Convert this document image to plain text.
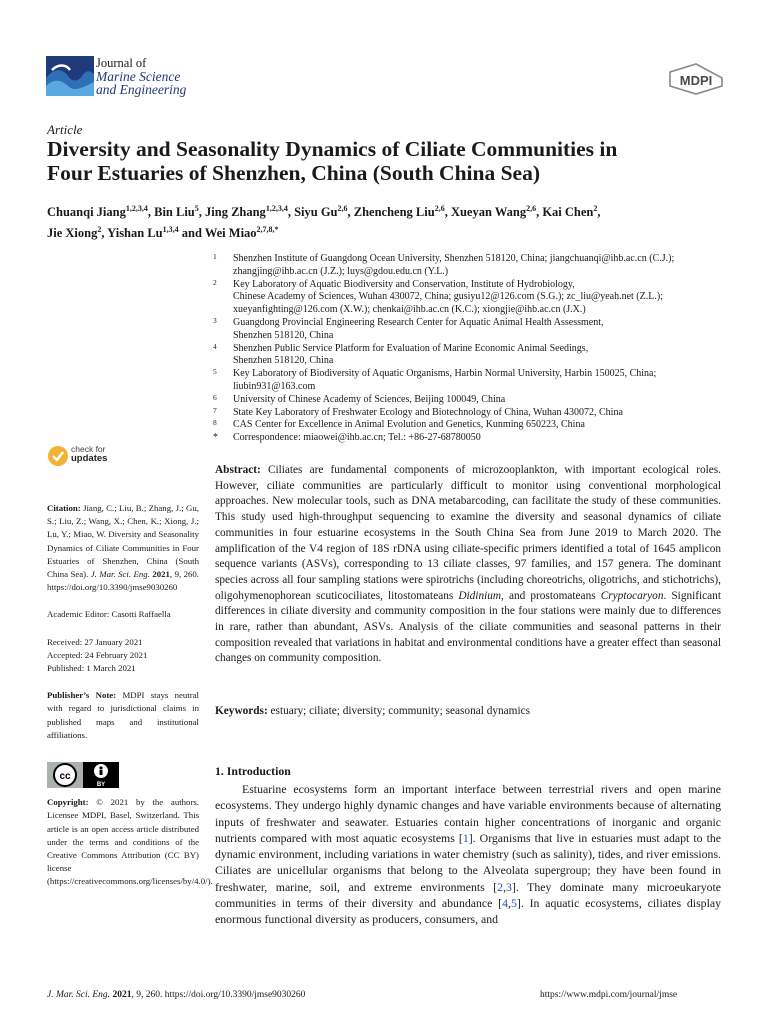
Journal of
Marine Science
and Engineering
MDPI
Article
Diversity and Seasonality Dynamics of Ciliate Communities in
Four Estuaries of Shenzhen, China (South China Sea)
Chuanqi Jiang$^{1,2,3,4}$, Bin Liu$^5$, Jing Zhang$^{1,2,3,4}$, Siyu Gu$^{2,6}$, Zhencheng Liu$^{2,6}$, Xueyan Wang$^{2,6}$, Kai Chen$^2$,
Jie Xiong$^2$, Yishan Lu$^{1,3,4}$ and Wei Miao$^{2,7,8,*}$
1 Shenzhen Institute of Guangdong Ocean University, Shenzhen 518120, China; jiangchuanqi@ihb.ac.cn (C.J.);
zhangjing@ihb.ac.cn (J.Z.); luys@gdou.edu.cn (Y.L.)
2 Key Laboratory of Aquatic Biodiversity and Conservation, Institute of Hydrobiology,
Chinese Academy of Sciences, Wuhan 430072, China; gusiyu12@126.com (S.G.); zc_liu@yeah.net (Z.L.);
xueyanfighting@126.com (X.W.); chenkai@ihb.ac.cn (K.C.); xiongjie@ihb.ac.cn (J.X.)
3 Guangdong Provincial Engineering Research Center for Aquatic Animal Health Assessment,
Shenzhen 518120, China
4 Shenzhen Public Service Platform for Evaluation of Marine Economic Animal Seedings,
Shenzhen 518120, China
5 Key Laboratory of Biodiversity of Aquatic Organisms, Harbin Normal University, Harbin 150025, China;
liubin931@163.com
6 University of Chinese Academy of Sciences, Beijing 100049, China
7 State Key Laboratory of Freshwater Ecology and Biotechnology of China, Wuhan 430072, China
8 CAS Center for Excellence in Animal Evolution and Genetics, Kunming 650223, China
* Correspondence: miaowei@ihb.ac.cn; Tel.: +86-27-68780050
check for
updates

Citation: Jiang, C.; Liu, B.; Zhang, J.; Gu, S.; Liu, Z.; Wang, X.; Chen, K.; Xiong, J.; Lu, Y.; Miao, W. Diversity and Seasonality Dynamics of Ciliate Communities in Four Estuaries of Shenzhen, China (South China Sea). J. Mar. Sci. Eng. 2021, 9, 260. https://doi.org/10.3390/jmse9030260

Academic Editor: Casotti Raffaella

Received: 27 January 2021

Accepted: 24 February 2021

Published: 1 March 2021

Publisher’s Note: MDPI stays neutral with regard to jurisdictional claims in published maps and institutional affiliations.

cc
BY

Copyright: © 2021 by the authors. Licensee MDPI, Basel, Switzerland. This article is an open access article distributed under the terms and conditions of the Creative Commons Attribution (CC BY) license (https://creativecommons.org/licenses/by/4.0/).

Abstract: Ciliates are fundamental components of microzooplankton, with important ecological roles. However, ciliate communities are particularly difficult to monitor using conventional morphological approaches. New molecular tools, such as DNA metabarcoding, can facilitate the study of these communities. This study used high-throughput sequencing to examine the diversity and seasonal dynamics of ciliate communities in four estuarine ecosystems in the South China Sea from June 2019 to March 2020. The amplification of the V4 region of 18S rDNA using ciliate-specific primers identified a total of 1645 amplicon sequence variants (ASVs), corresponding to 13 ciliate classes, 97 families, and 157 genera. The dominant species across all four sampling stations were spirotrichs (including choreotrichs, oligotrichs, and stichotrichs), oligohymenophorean scuticociliates, litostomateans Didinium, and prostomateans Cryptocaryon. Significant differences in ciliate diversity and community composition in the four stations were mainly due to differences in rare, rather than abundant, ASVs. Analysis of the ciliate communities and seasonal patterns in their composition revealed that variations in habitat and environmental conditions have a greater effect than seasonal changes on community composition.

Keywords: estuary; ciliate; diversity; community; seasonal dynamics

1. Introduction

Estuarine ecosystems form an important interface between terrestrial rivers and open marine ecosystems. They undergo highly dynamic changes and have variable environments because of alternating inputs of freshwater and seawater. Estuaries contain higher concentrations of inorganic and organic nutrients compared with most aquatic ecosystems [1]. Organisms that live in estuaries must adapt to the dynamic environment, including variations in water chemistry (such as salinity), tides, and river emissions. Ciliates are unicellular organisms that belong to the Alveolata supergroup; they have been found in freshwater, marine, soil, and extreme environments [2,3]. They dominate many microeukaryote communities in terms of their diversity and abundance [4,5]. In aquatic ecosystems, ciliates display enormous functional diversity as producers, consumers, and

J. Mar. Sci. Eng. 2021, 9, 260. https://doi.org/10.3390/jmse9030260	https://www.mdpi.com/journal/jmse
